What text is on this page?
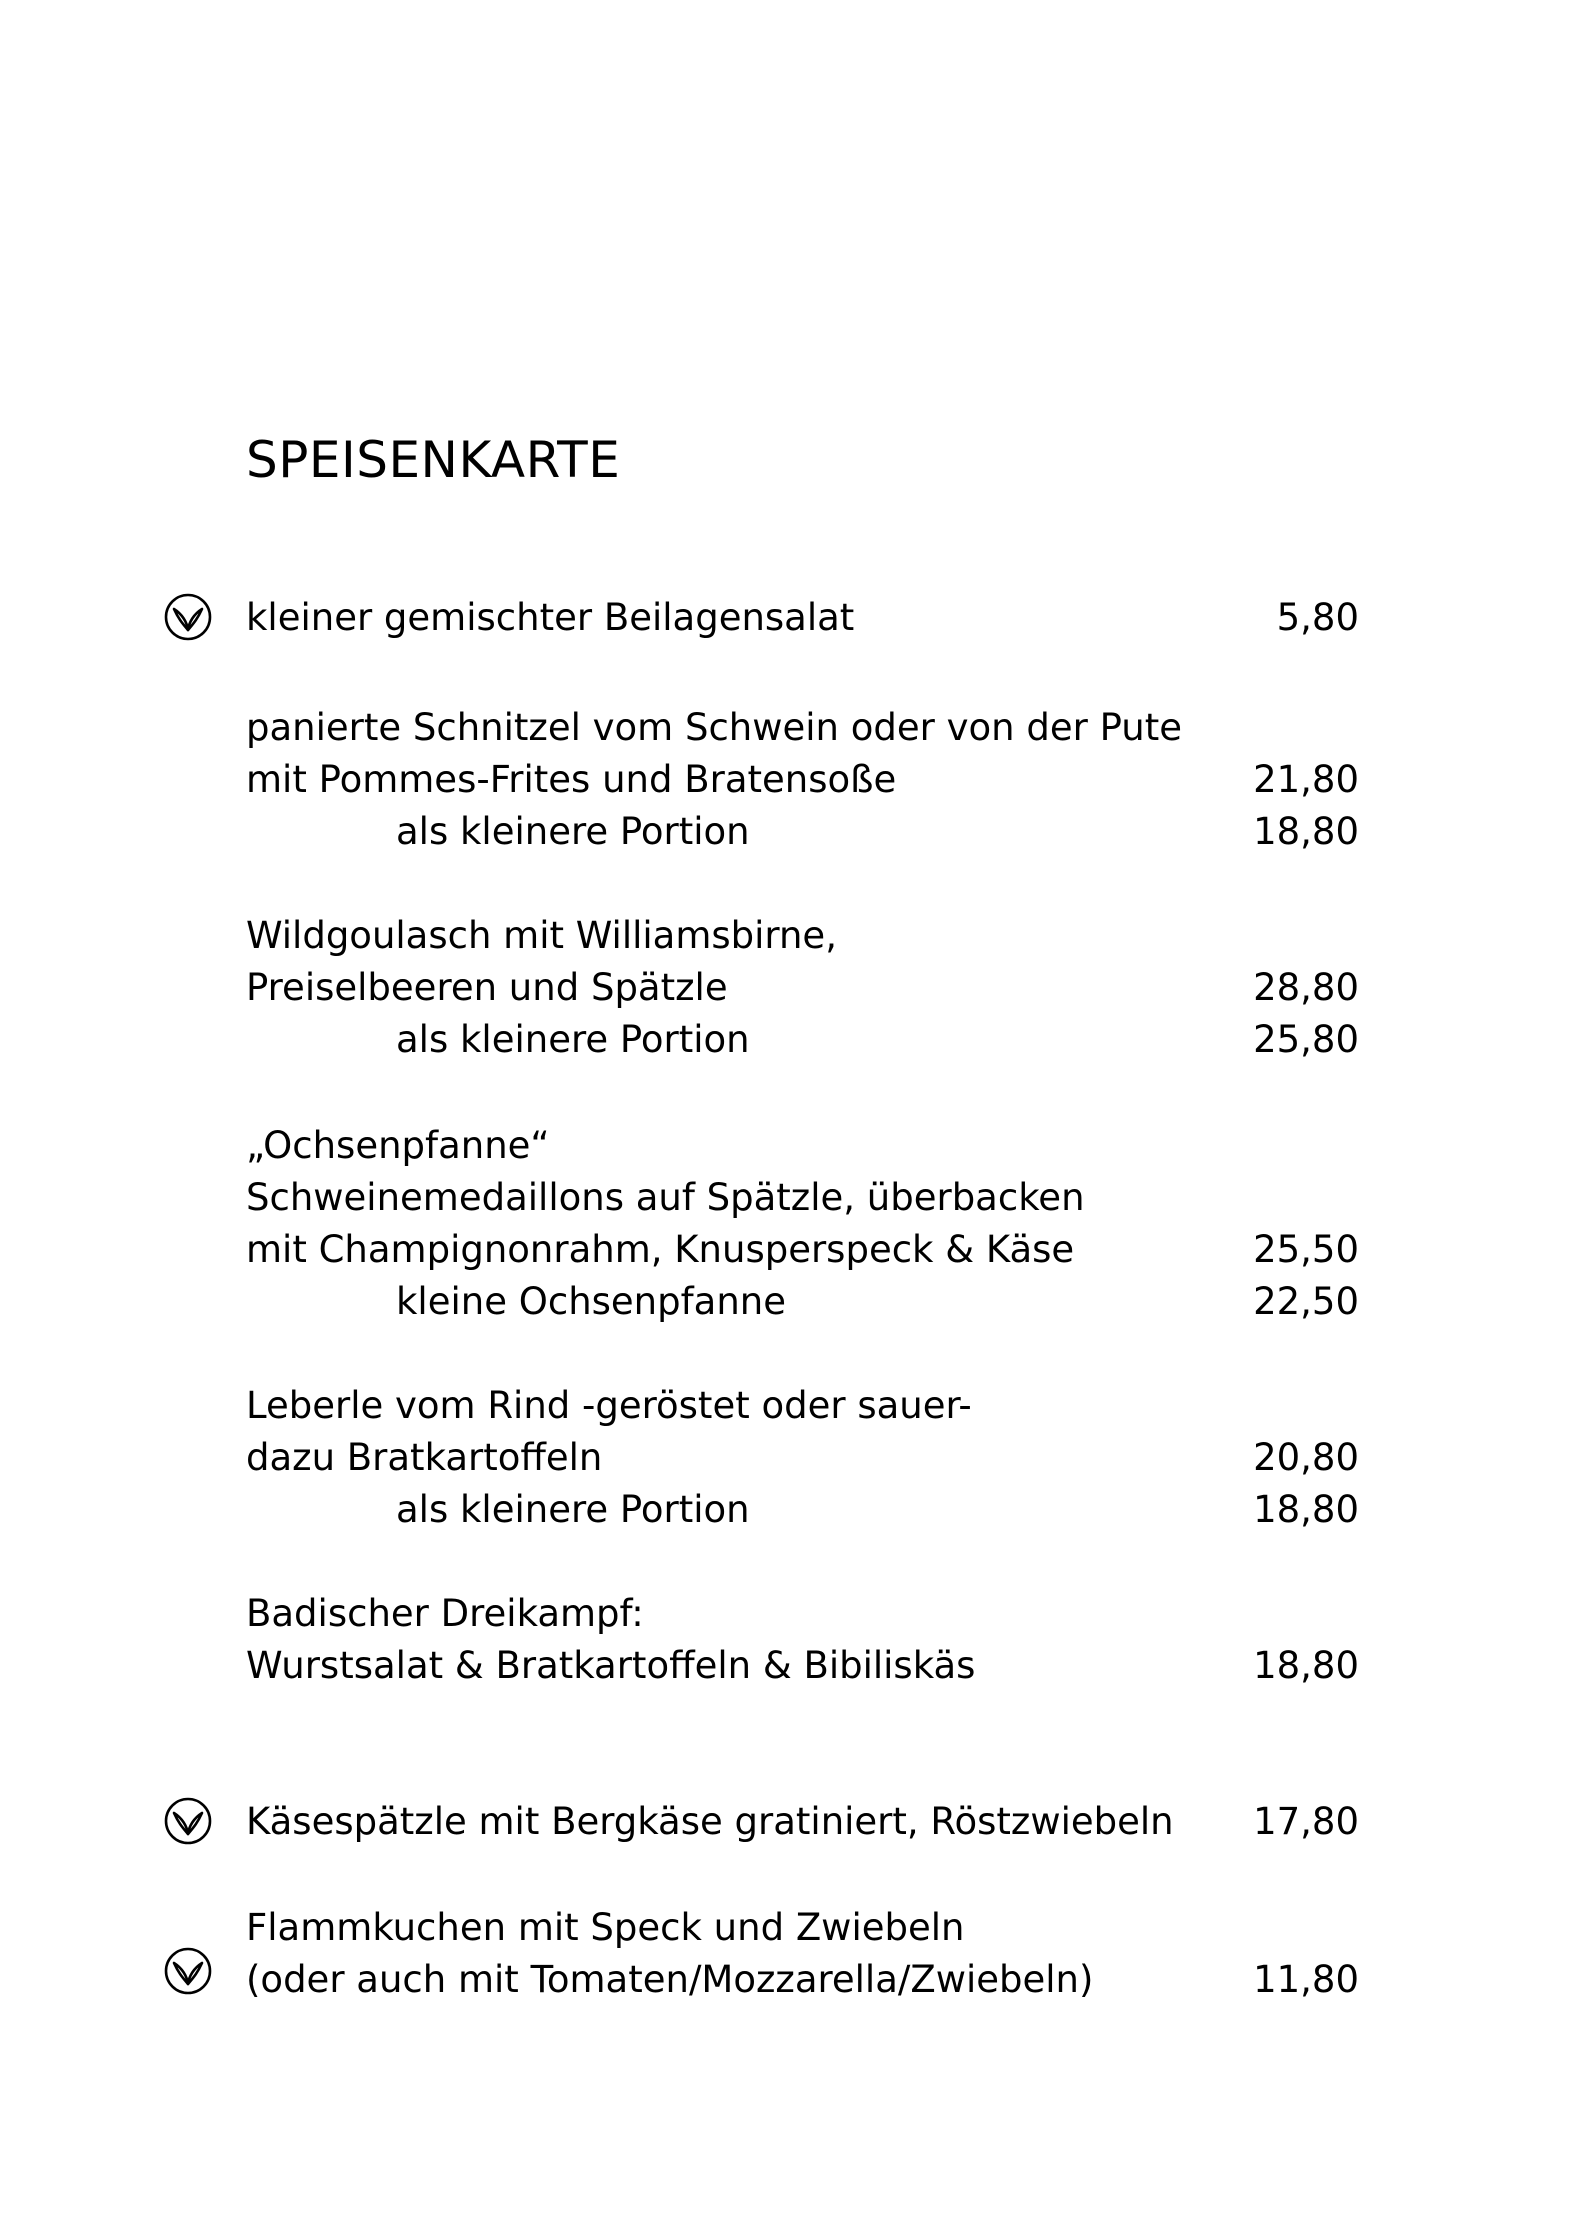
SPEISENKARTE
kleiner gemischter Beilagensalat	5,80
panierte Schnitzel vom Schwein oder von der Pute
mit Pommes-Frites und Bratensoße	21,80
als kleinere Portion	18,80
Wildgoulasch mit Williamsbirne,
Preiselbeeren und Spätzle	28,80
als kleinere Portion	25,80
„Ochsenpfanne“
Schweinemedaillons auf Spätzle, überbacken
mit Champignonrahm, Knusperspeck & Käse	25,50
kleine Ochsenpfanne	22,50
Leberle vom Rind -geröstet oder sauer-
dazu Bratkartoffeln	20,80
als kleinere Portion	18,80
Badischer Dreikampf:
Wurstsalat & Bratkartoffeln & Bibiliskäs	18,80
Käsespätzle mit Bergkäse gratiniert, Röstzwiebeln 17,80
Flammkuchen mit Speck und Zwiebeln
(oder auch mit Tomaten/Mozzarella/Zwiebeln)	11,80
